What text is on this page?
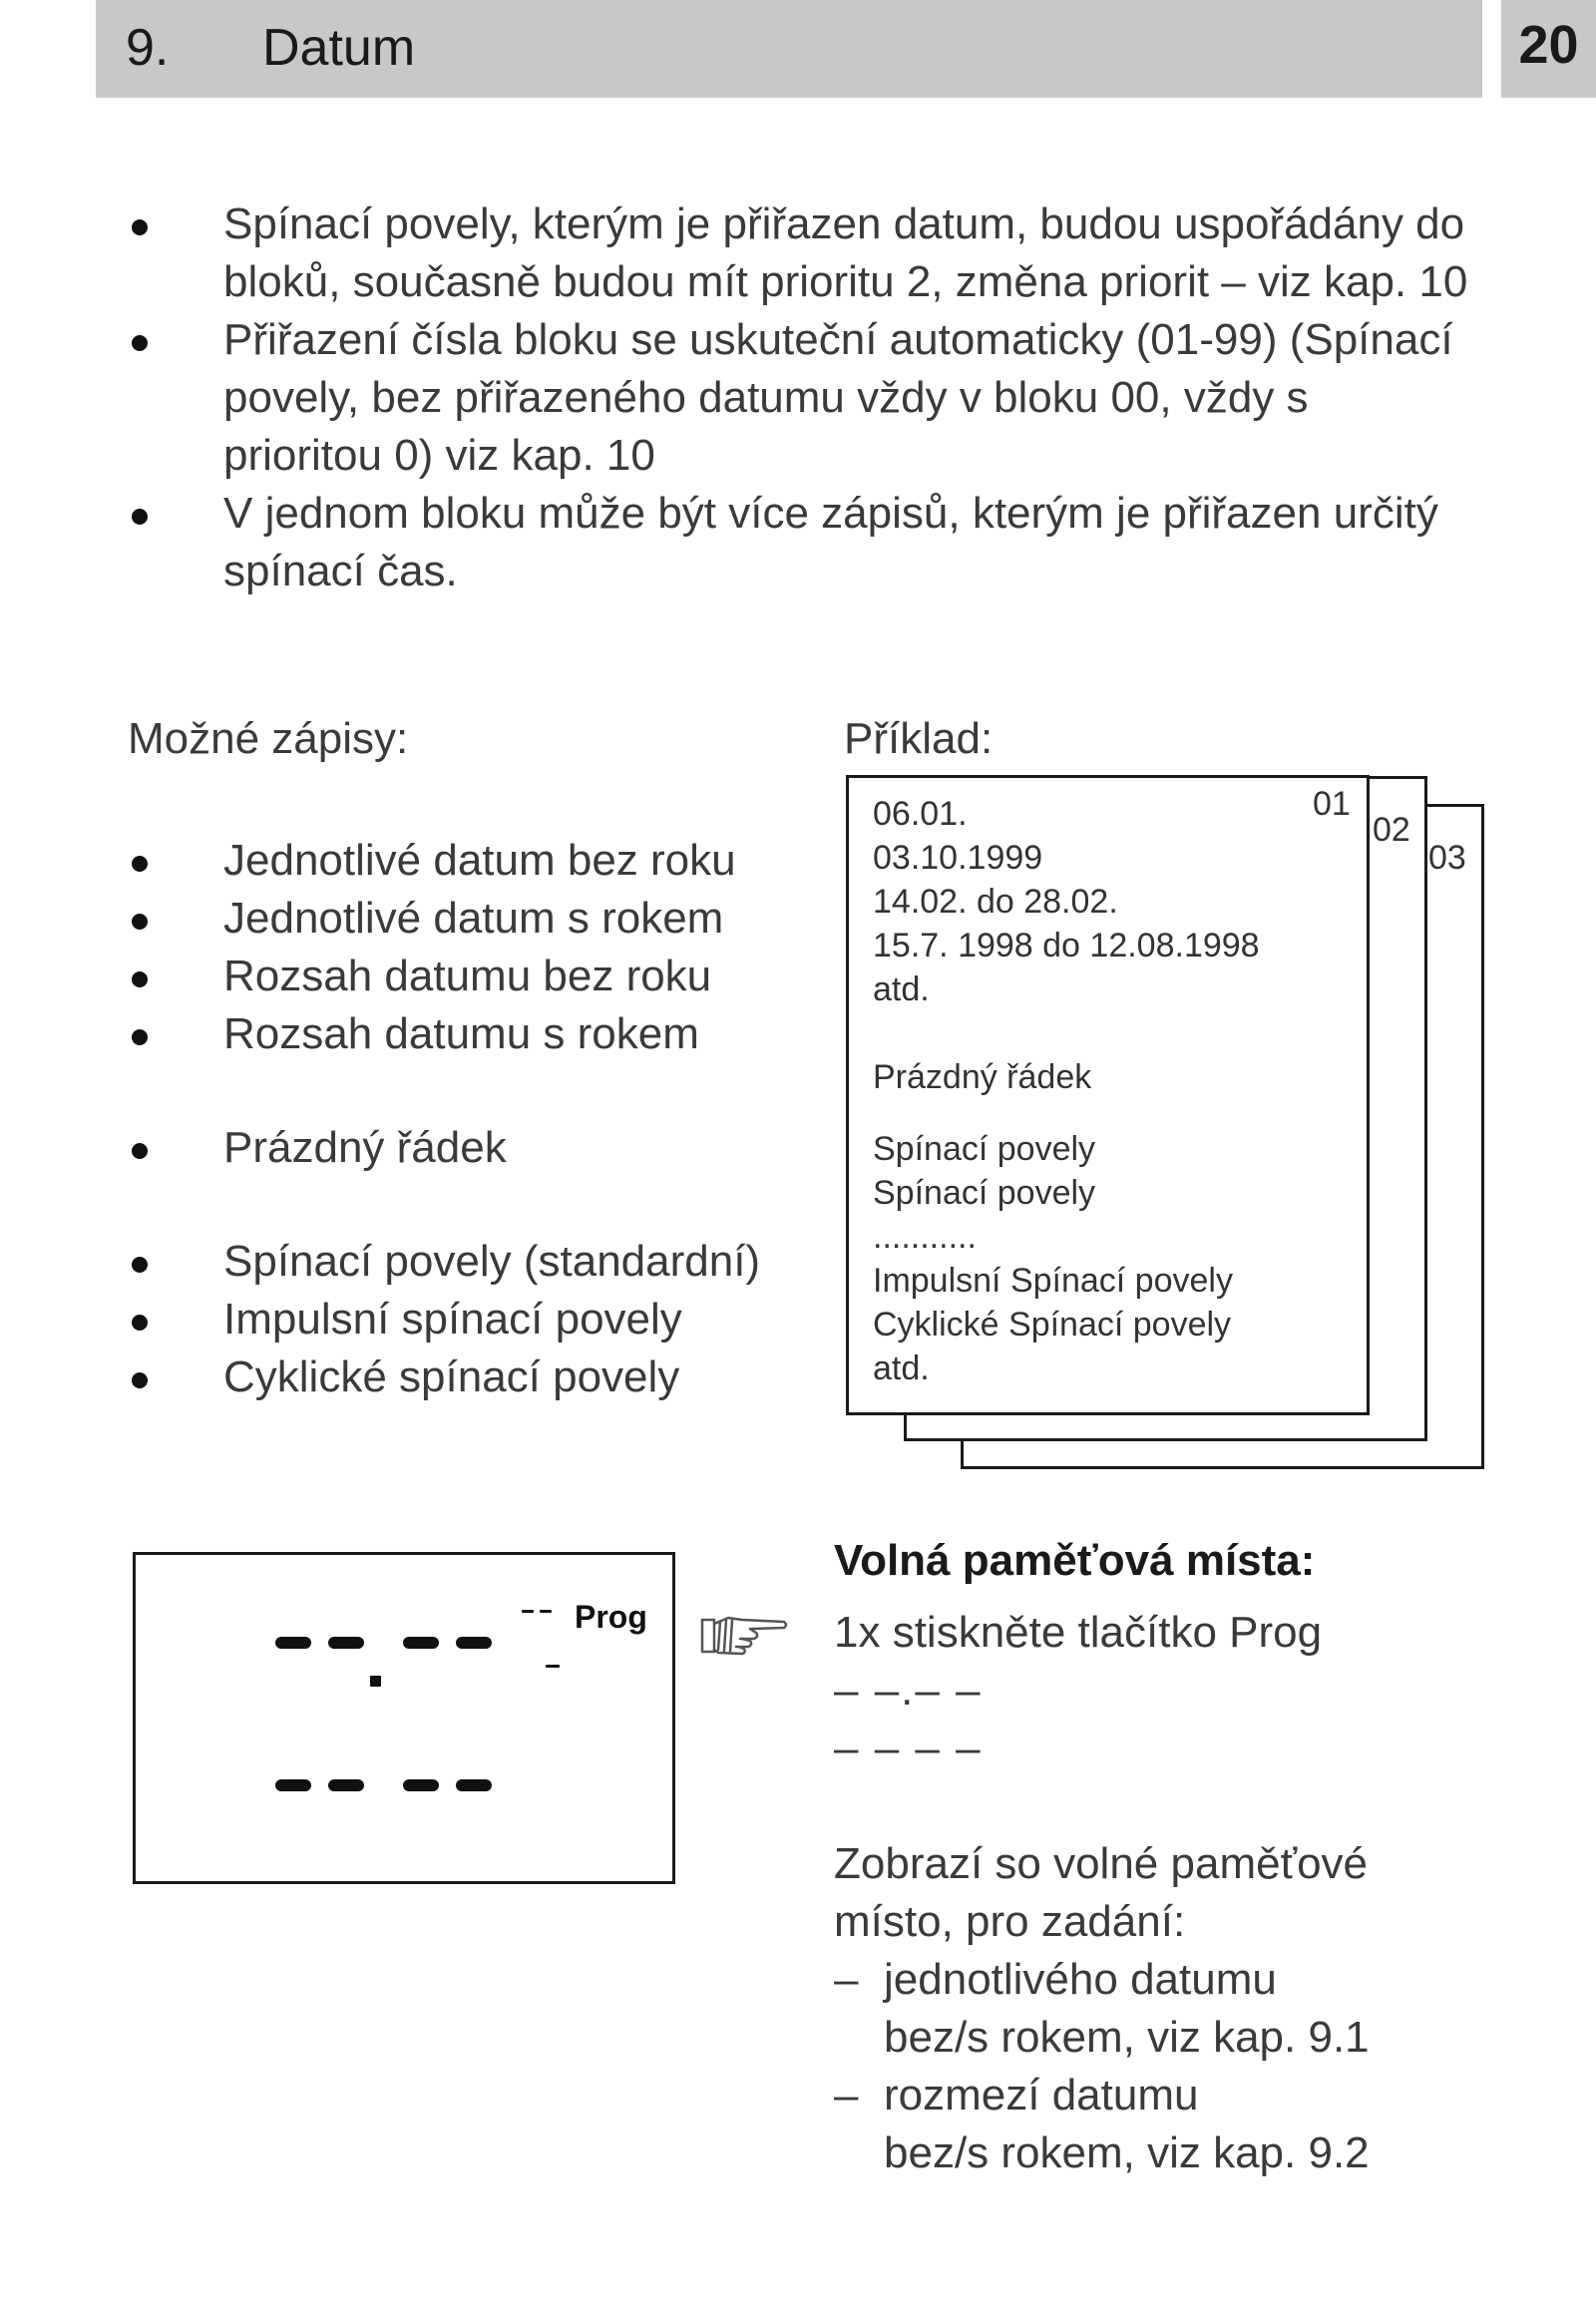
9. Datum	20
Spínací povely, kterým je přiřazen datum, budou uspořádány do bloků, současně budou mít prioritu 2, změna priorit – viz kap. 10
Přiřazení čísla bloku se uskuteční automaticky (01-99) (Spínací povely, bez přiřazeného datumu vždy v bloku 00, vždy s prioritou 0) viz kap. 10
V jednom bloku může být více zápisů, kterým je přiřazen určitý spínací čas.
Možné zápisy:
Jednotlivé datum bez roku
Jednotlivé datum s rokem
Rozsah datumu bez roku
Rozsah datumu s rokem
Prázdný řádek
Spínací povely (standardní)
Impulsní spínací povely
Cyklické spínací povely
Příklad:
01
02
03
06.01.
03.10.1999
14.02. do 28.02.
15.7. 1998 do 12.08.1998
atd.
Prázdný řádek
Spínací povely
Spínací povely
...........
Impulsní Spínací povely
Cyklické Spínací povely
atd.
Prog
Volná paměťová místa:
1x stiskněte tlačítko Prog
– –.– –
– – – –
Zobrazí so volné paměťové místo, pro zadání:
– jednotlivého datumu
bez/s rokem, viz kap. 9.1
– rozmezí datumu
bez/s rokem, viz kap. 9.2
